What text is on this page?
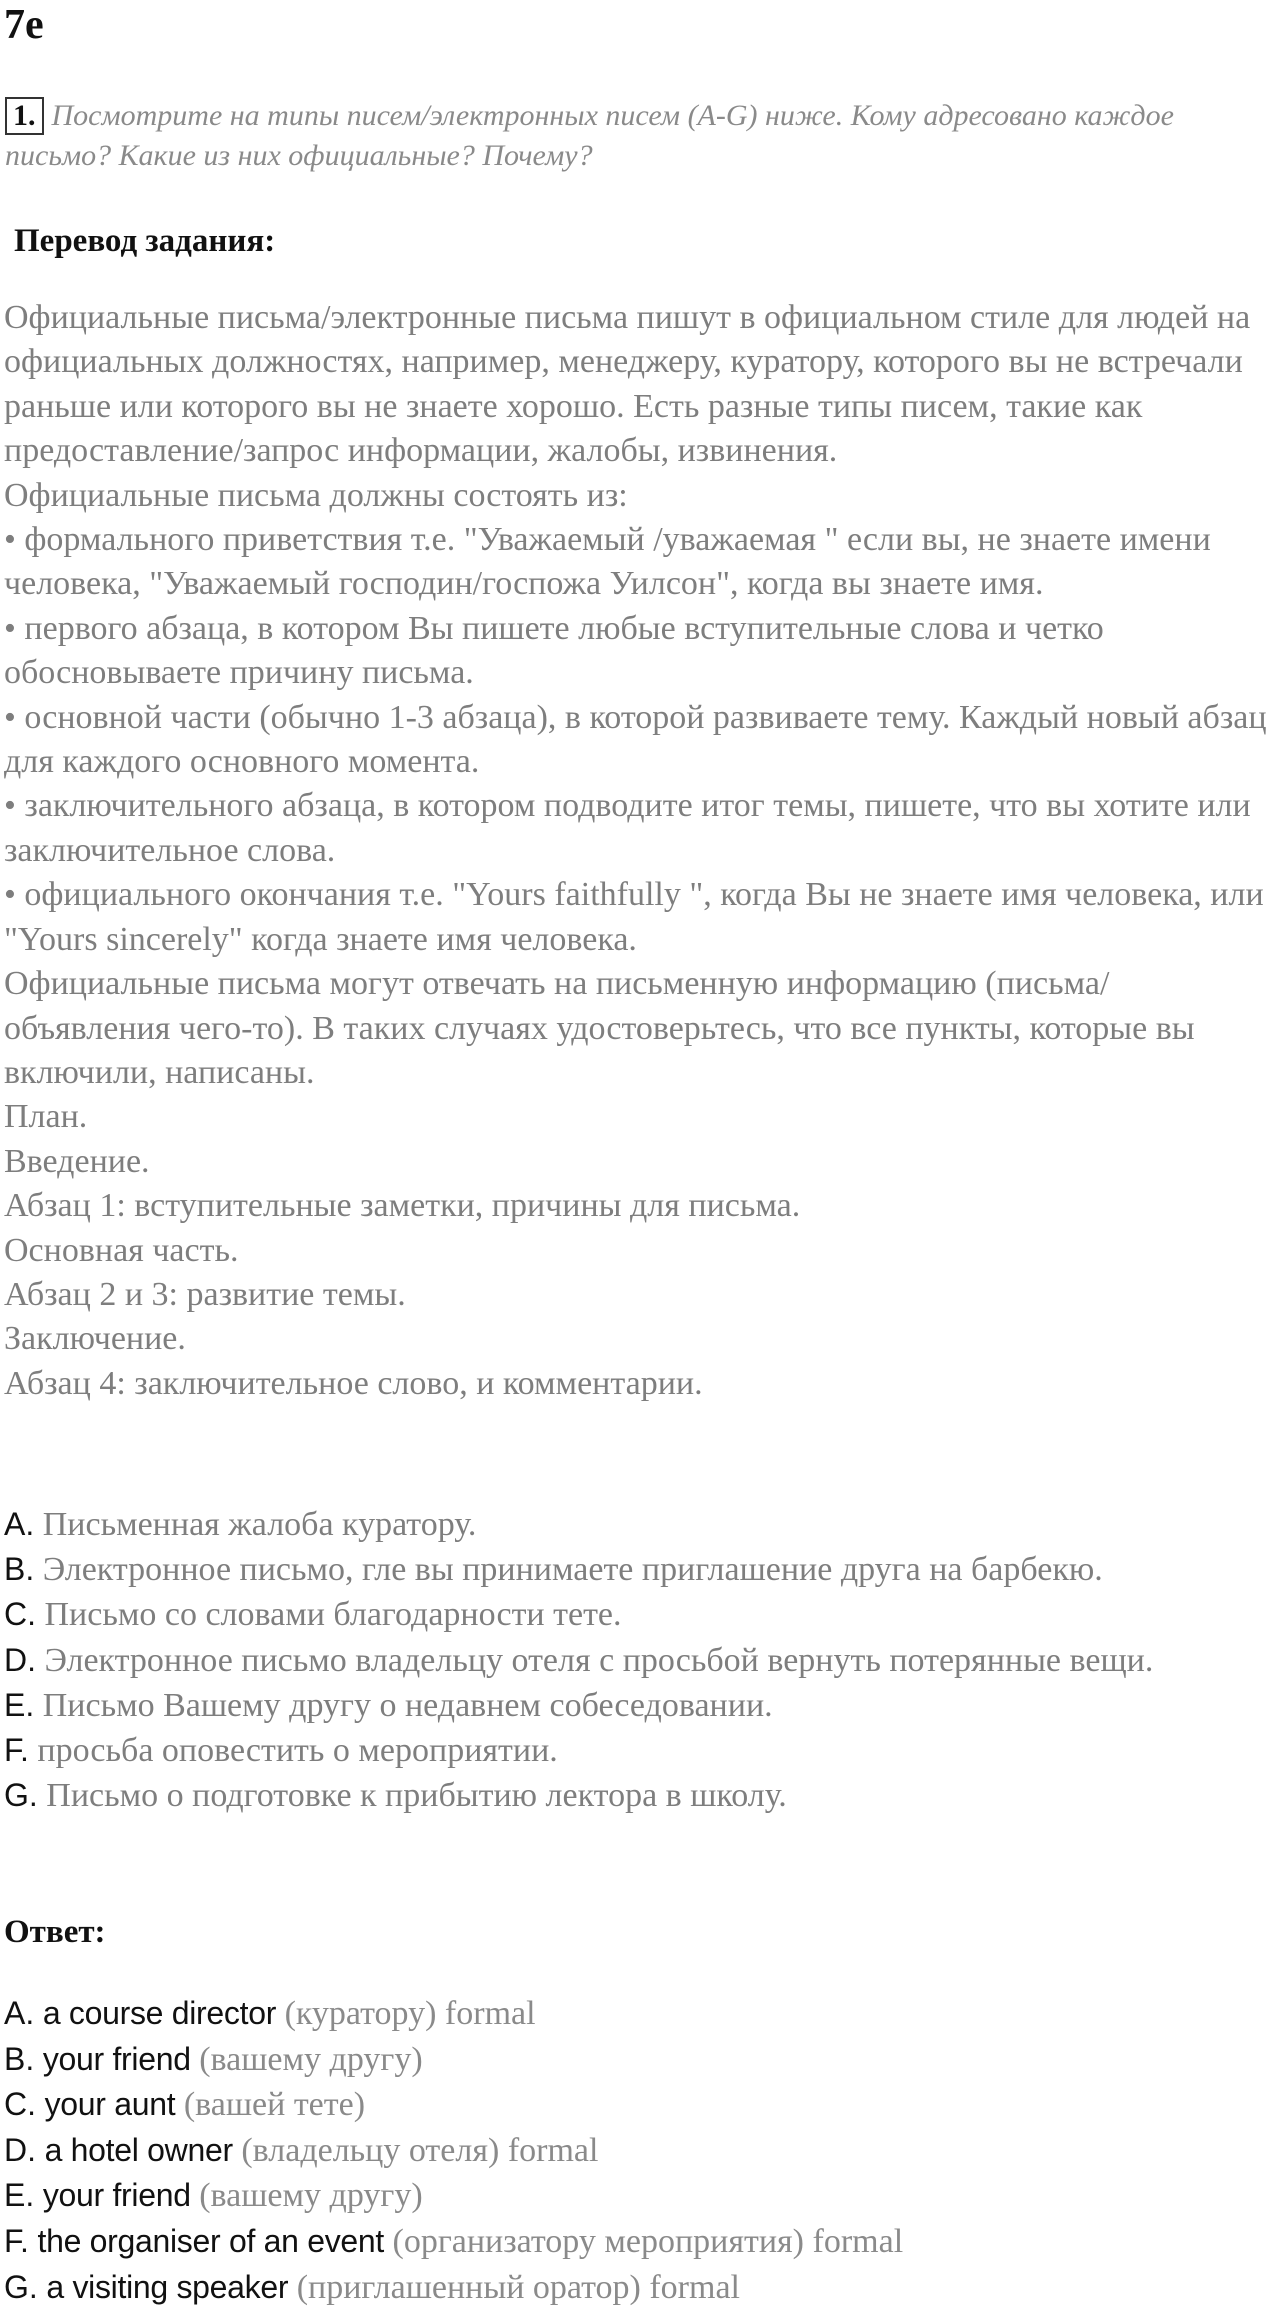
7e
1. Посмотрите на типы писем/электронных писем (A-G) ниже. Кому адресовано каждое письмо? Какие из них официальные? Почему?
Перевод задания:

Официальные письма/электронные письма пишут в официальном стиле для людей на официальных должностях, например, менеджеру, куратору, которого вы не встречали раньше или которого вы не знаете хорошо. Есть разные типы писем, такие как предоставление/запрос информации, жалобы, извинения.

Официальные письма должны состоять из:

• формального приветствия т.е. "Уважаемый /уважаемая " если вы, не знаете имени человека, "Уважаемый господин/госпожа Уилсон", когда вы знаете имя.

• первого абзаца, в котором Вы пишете любые вступительные слова и четко обосновываете причину письма.

• основной части (обычно 1-3 абзаца), в которой развиваете тему. Каждый новый абзац для каждого основного момента.

• заключительного абзаца, в котором подводите итог темы, пишете, что вы хотите или заключительное слова.

• официального окончания т.е. "Yours faithfully ", когда Вы не знаете имя человека, или "Yours sincerely" когда знаете имя человека.

Официальные письма могут отвечать на письменную информацию (письма/объявления чего-то). В таких случаях удостоверьтесь, что все пункты, которые вы включили, написаны.

План.

Введение.

Абзац 1: вступительные заметки, причины для письма.

Основная часть.

Абзац 2 и 3: развитие темы.

Заключение.

Абзац 4: заключительное слово, и комментарии.

A. Письменная жалоба куратору.

B. Электронное письмо, гле вы принимаете приглашение друга на барбекю.

C. Письмо со словами благодарности тете.

D. Электронное письмо владельцу отеля с просьбой вернуть потерянные вещи.

E. Письмо Вашему другу о недавнем собеседовании.

F. просьба оповестить о мероприятии.

G. Письмо о подготовке к прибытию лектора в школу.

Ответ:

A. a course director (куратору) formal

B. your friend (вашему другу)

C. your aunt (вашей тете)

D. a hotel owner (владельцу отеля) formal

E. your friend (вашему другу)

F. the organiser of an event (организатору мероприятия) formal

G. a visiting speaker (приглашенный оратор) formal
